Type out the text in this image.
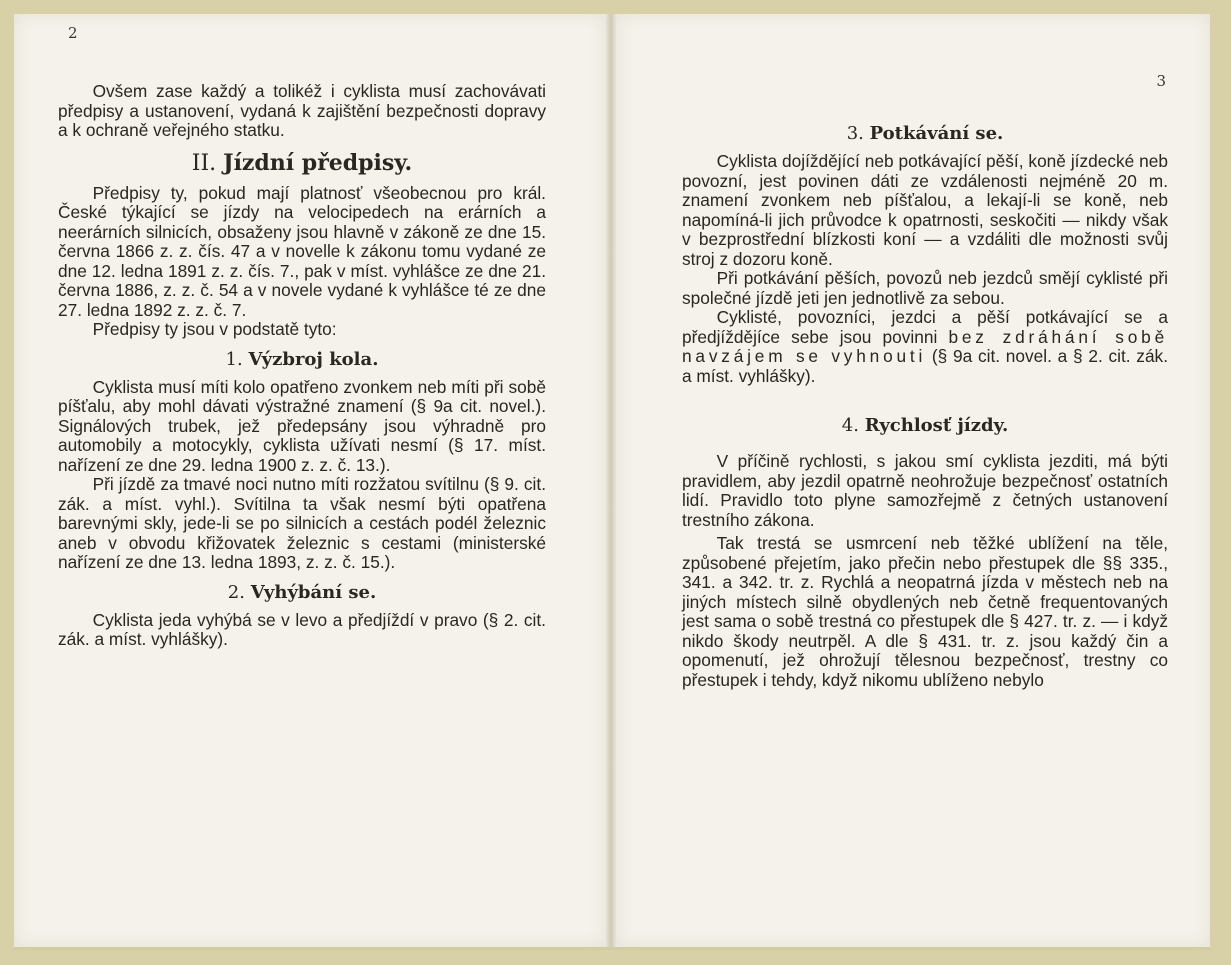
2

Ovšem zase každý a tolikéž i cyklista musí zachovávati předpisy a ustanovení, vydaná k zajištění bezpečnosti dopravy a k ochraně veřejného statku.

II. Jízdní předpisy.

Předpisy ty, pokud mají platnosť všeobecnou pro král. České týkající se jízdy na velocipedech na erárních a neerárních silnicích, obsaženy jsou hlavně v zákoně ze dne 15. června 1866 z. z. čís. 47 a v novelle k zákonu tomu vydané ze dne 12. ledna 1891 z. z. čís. 7., pak v míst. vyhlášce ze dne 21. června 1886, z. z. č. 54 a v novele vydané k vyhlášce té ze dne 27. ledna 1892 z. z. č. 7.

Předpisy ty jsou v podstatě tyto:

1. Výzbroj kola.

Cyklista musí míti kolo opatřeno zvonkem neb míti při sobě píšťalu, aby mohl dávati výstražné znamení (§ 9a cit. novel.). Signálových trubek, jež předepsány jsou výhradně pro automobily a motocykly, cyklista užívati nesmí (§ 17. míst. nařízení ze dne 29. ledna 1900 z. z. č. 13.).

Při jízdě za tmavé noci nutno míti rozžatou svítilnu (§ 9. cit. zák. a míst. vyhl.). Svítilna ta však nesmí býti opatřena barevnými skly, jede-li se po silnicích a cestách podél železnic aneb v obvodu křižovatek železnic s cestami (ministerské nařízení ze dne 13. ledna 1893, z. z. č. 15.).

2. Vyhýbání se.

Cyklista jeda vyhýbá se v levo a předjíždí v pravo (§ 2. cit. zák. a míst. vyhlášky).

3
3. Potkávání se.

Cyklista dojíždějící neb potkávající pěší, koně jízdecké neb povozní, jest povinen dáti ze vzdálenosti nejméně 20 m. znamení zvonkem neb píšťalou, a lekají-li se koně, neb napomíná-li jich průvodce k opatrnosti, seskočiti — nikdy však v bezprostřední blízkosti koní — a vzdáliti dle možnosti svůj stroj z dozoru koně.

Při potkávání pěších, povozů neb jezdců smějí cyklisté při společné jízdě jeti jen jednotlivě za sebou.

Cyklisté, povozníci, jezdci a pěší potkávající se a předjíždějíce sebe jsou povinni bez zdráhání sobě navzájem se vyhnouti (§ 9a cit. novel. a § 2. cit. zák. a míst. vyhlášky).

4. Rychlosť jízdy.

V příčině rychlosti, s jakou smí cyklista jezditi, má býti pravidlem, aby jezdil opatrně neohrožuje bezpečnosť ostatních lidí. Pravidlo toto plyne samozřejmě z četných ustanovení trestního zákona.

Tak trestá se usmrcení neb těžké ublížení na těle, způsobené přejetím, jako přečin nebo přestupek dle §§ 335., 341. a 342. tr. z. Rychlá a neopatrná jízda v městech neb na jiných místech silně obydlených neb četně frequentovaných jest sama o sobě trestná co přestupek dle § 427. tr. z. — i když nikdo škody neutrpěl. A dle § 431. tr. z. jsou každý čin a opomenutí, jež ohrožují tělesnou bezpečnosť, trestny co přestupek i tehdy, když nikomu ublíženo nebylo
